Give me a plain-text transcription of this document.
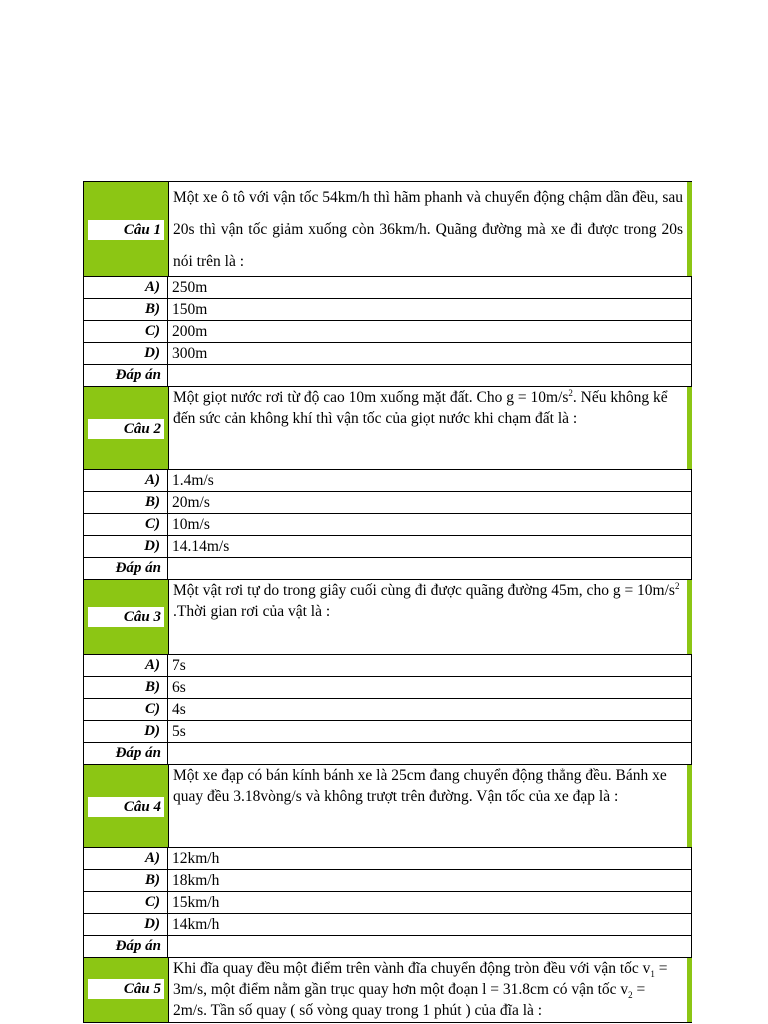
Câu 1
Một xe ô tô với vận tốc 54km/h thì hãm phanh và chuyển động chậm dần đều, sau 20s thì vận tốc giảm xuống còn 36km/h. Quãng đường mà xe đi được trong 20s nói trên là :
A) 250m
B) 150m
C) 200m
D) 300m
Đáp án
Câu 2
Một giọt nước rơi từ độ cao 10m xuống mặt đất. Cho $g = 10m/s^2$. Nếu không kể đến sức cản không khí thì vận tốc của giọt nước khi chạm đất là :
A) 1.4m/s
B) 20m/s
C) 10m/s
D) 14.14m/s
Đáp án
Câu 3
Một vật rơi tự do trong giây cuối cùng đi được quãng đường 45m, cho $g = 10m/s^2$ .Thời gian rơi của vật là :
A) 7s
B) 6s
C) 4s
D) 5s
Đáp án
Câu 4
Một xe đạp có bán kính bánh xe là 25cm đang chuyển động thẳng đều. Bánh xe quay đều 3.18vòng/s và không trượt trên đường. Vận tốc của xe đạp là :
A) 12km/h
B) 18km/h
C) 15km/h
D) 14km/h
Đáp án
Câu 5
Khi đĩa quay đều một điểm trên vành đĩa chuyển động tròn đều với vận tốc $v_1 = 3m/s$, một điểm nằm gần trục quay hơn một đoạn l = 31.8cm có vận tốc $v_2 = 2m/s$. Tần số quay ( số vòng quay trong 1 phút ) của đĩa là :
